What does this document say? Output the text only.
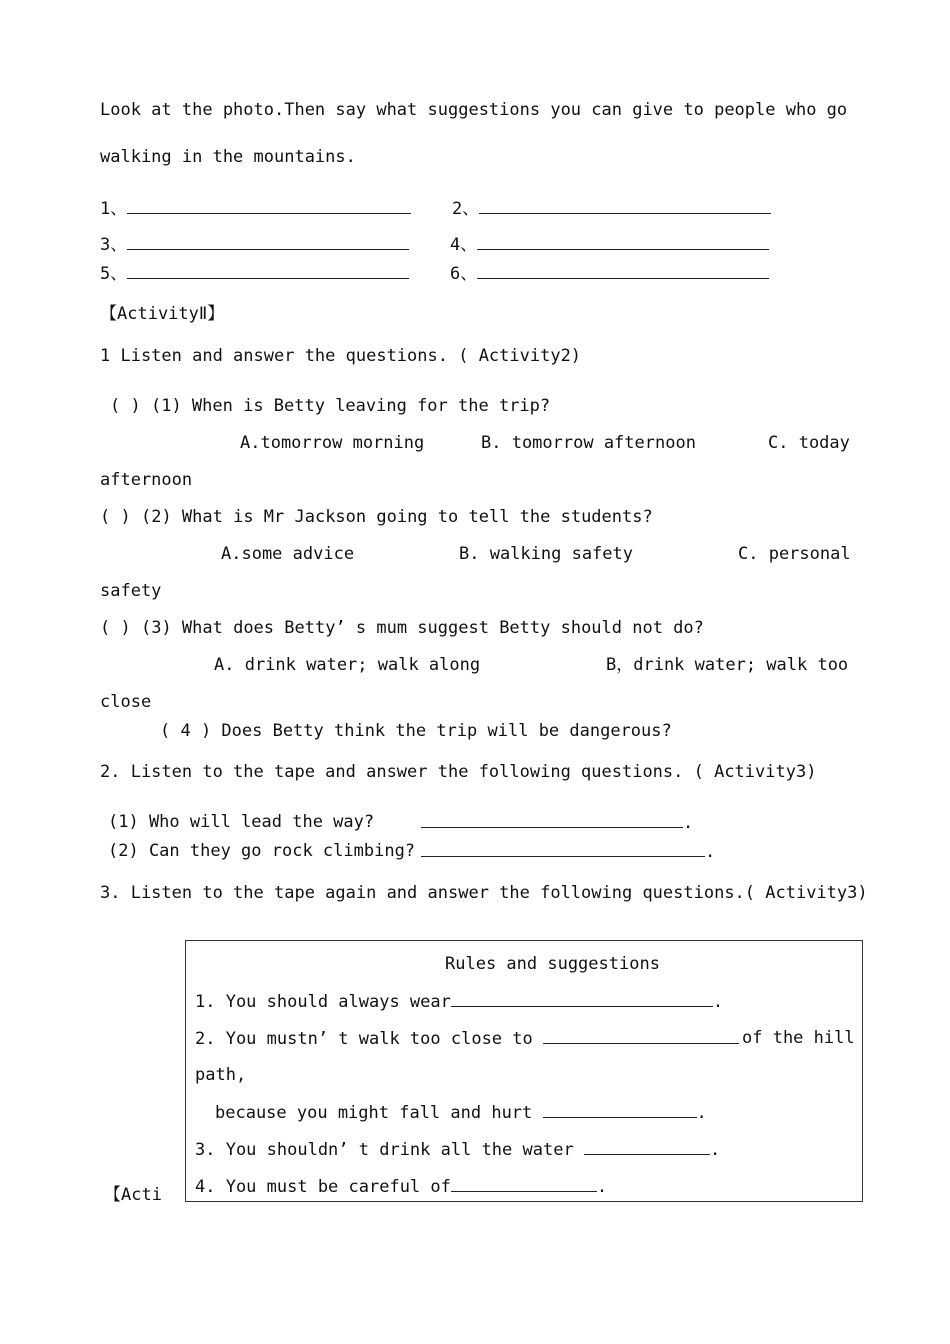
Look at the photo.Then say what suggestions you can give to people who go
walking in the mountains.
1、	2、
3、	4、
5、	6、
【ActivityⅡ】
1 Listen and answer the questions. ( Activity2)
( ) (1) When is Betty leaving for the trip?
A.tomorrow morning	B. tomorrow afternoon	C. today
afternoon
( ) (2) What is Mr Jackson going to tell the students?
A.some advice	B. walking safety	C. personal
safety
( ) (3) What does Betty’ s mum suggest Betty should not do?
A. drink water; walk along	B，drink water; walk too
close
( 4 ) Does Betty think the trip will be dangerous?
2. Listen to the tape and answer the following questions. ( Activity3)
(1) Who will lead the way?	.
(2) Can they go rock climbing?	.
3. Listen to the tape again and answer the following questions.( Activity3)
Rules and suggestions
1. You should always wear	.
2. You mustn’ t walk too close to	of the hill
path,
because you might fall and hurt	.
3. You shouldn’ t drink all the water	.
4. You must be careful of	.
【Acti
